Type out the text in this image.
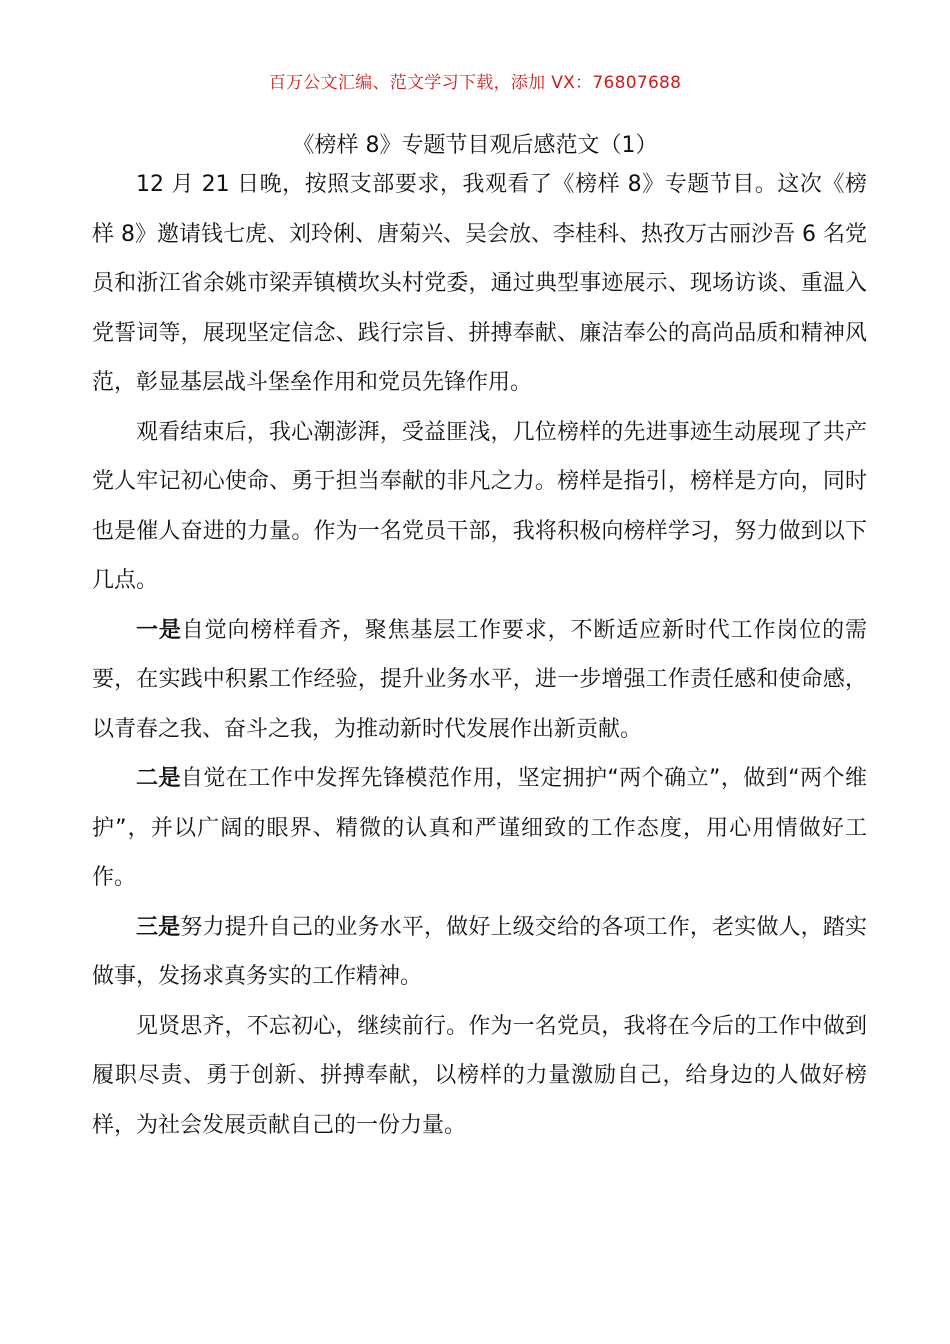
百万公文汇编、范文学习下载，添加 VX：76807688
《榜样 8》专题节目观后感范文（1）

12 月 21 日晚，按照支部要求，我观看了《榜样 8》专题节目。这次《榜样 8》邀请钱七虎、刘玲俐、唐菊兴、吴会放、李桂科、热孜万古丽沙吾 6 名党员和浙江省余姚市梁弄镇横坎头村党委，通过典型事迹展示、现场访谈、重温入党誓词等，展现坚定信念、践行宗旨、拼搏奉献、廉洁奉公的高尚品质和精神风范，彰显基层战斗堡垒作用和党员先锋作用。

观看结束后，我心潮澎湃，受益匪浅，几位榜样的先进事迹生动展现了共产党人牢记初心使命、勇于担当奉献的非凡之力。榜样是指引，榜样是方向，同时也是催人奋进的力量。作为一名党员干部，我将积极向榜样学习，努力做到以下几点。

一是自觉向榜样看齐，聚焦基层工作要求，不断适应新时代工作岗位的需要，在实践中积累工作经验，提升业务水平，进一步增强工作责任感和使命感，以青春之我、奋斗之我，为推动新时代发展作出新贡献。

二是自觉在工作中发挥先锋模范作用，坚定拥护“两个确立”，做到“两个维护”，并以广阔的眼界、精微的认真和严谨细致的工作态度，用心用情做好工作。

三是努力提升自己的业务水平，做好上级交给的各项工作，老实做人，踏实做事，发扬求真务实的工作精神。

见贤思齐，不忘初心，继续前行。作为一名党员，我将在今后的工作中做到履职尽责、勇于创新、拼搏奉献，以榜样的力量激励自己，给身边的人做好榜样，为社会发展贡献自己的一份力量。
